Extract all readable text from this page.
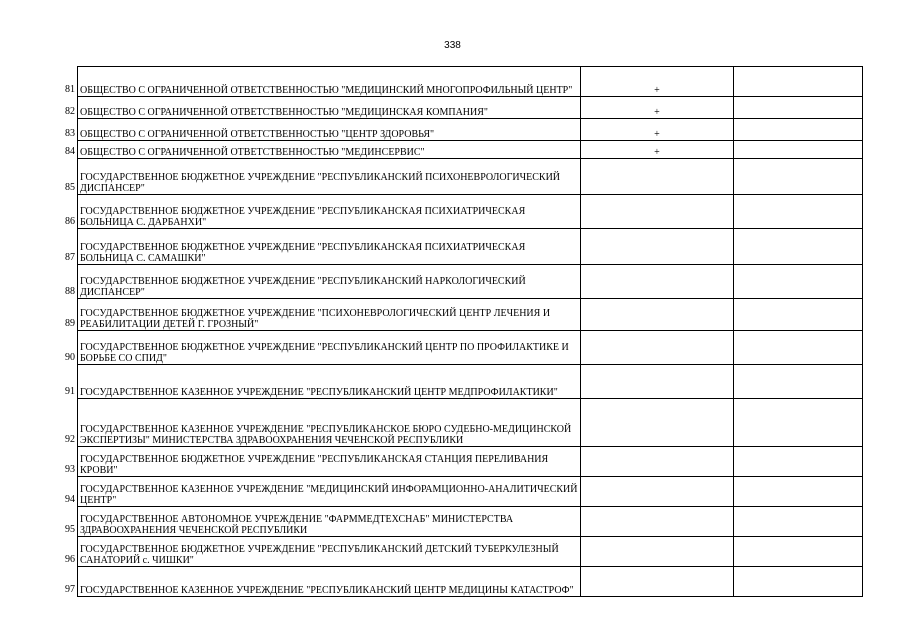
338
81	ОБЩЕСТВО С ОГРАНИЧЕННОЙ ОТВЕТСТВЕННОСТЬЮ "МЕДИЦИНСКИЙ МНОГОПРОФИЛЬНЫЙ ЦЕНТР"	+	

82	ОБЩЕСТВО С ОГРАНИЧЕННОЙ ОТВЕТСТВЕННОСТЬЮ "МЕДИЦИНСКАЯ КОМПАНИЯ"	+	

83	ОБЩЕСТВО С ОГРАНИЧЕННОЙ ОТВЕТСТВЕННОСТЬЮ "ЦЕНТР ЗДОРОВЬЯ"	+	

84	ОБЩЕСТВО С ОГРАНИЧЕННОЙ ОТВЕТСТВЕННОСТЬЮ "МЕДИНСЕРВИС"	+	

85	ГОСУДАРСТВЕННОЕ БЮДЖЕТНОЕ УЧРЕЖДЕНИЕ "РЕСПУБЛИКАНСКИЙ ПСИХОНЕВРОЛОГИЧЕСКИЙ ДИСПАНСЕР"		

86	ГОСУДАРСТВЕННОЕ БЮДЖЕТНОЕ УЧРЕЖДЕНИЕ "РЕСПУБЛИКАНСКАЯ ПСИХИАТРИЧЕСКАЯ БОЛЬНИЦА С. ДАРБАНХИ"		

87	ГОСУДАРСТВЕННОЕ БЮДЖЕТНОЕ УЧРЕЖДЕНИЕ "РЕСПУБЛИКАНСКАЯ ПСИХИАТРИЧЕСКАЯ БОЛЬНИЦА С. САМАШКИ"		

88	ГОСУДАРСТВЕННОЕ БЮДЖЕТНОЕ УЧРЕЖДЕНИЕ "РЕСПУБЛИКАНСКИЙ НАРКОЛОГИЧЕСКИЙ ДИСПАНСЕР"		

89	ГОСУДАРСТВЕННОЕ БЮДЖЕТНОЕ УЧРЕЖДЕНИЕ "ПСИХОНЕВРОЛОГИЧЕСКИЙ ЦЕНТР ЛЕЧЕНИЯ И РЕАБИЛИТАЦИИ ДЕТЕЙ Г. ГРОЗНЫЙ"		

90	ГОСУДАРСТВЕННОЕ БЮДЖЕТНОЕ УЧРЕЖДЕНИЕ "РЕСПУБЛИКАНСКИЙ ЦЕНТР ПО ПРОФИЛАКТИКЕ И БОРЬБЕ СО СПИД"		

91	ГОСУДАРСТВЕННОЕ КАЗЕННОЕ УЧРЕЖДЕНИЕ "РЕСПУБЛИКАНСКИЙ ЦЕНТР МЕДПРОФИЛАКТИКИ"		

92	ГОСУДАРСТВЕННОЕ КАЗЕННОЕ УЧРЕЖДЕНИЕ "РЕСПУБЛИКАНСКОЕ БЮРО СУДЕБНО-МЕДИЦИНСКОЙ ЭКСПЕРТИЗЫ" МИНИСТЕРСТВА ЗДРАВООХРАНЕНИЯ ЧЕЧЕНСКОЙ РЕСПУБЛИКИ		

93	ГОСУДАРСТВЕННОЕ БЮДЖЕТНОЕ УЧРЕЖДЕНИЕ "РЕСПУБЛИКАНСКАЯ СТАНЦИЯ ПЕРЕЛИВАНИЯ КРОВИ"		

94	ГОСУДАРСТВЕННОЕ КАЗЕННОЕ УЧРЕЖДЕНИЕ "МЕДИЦИНСКИЙ ИНФОРАМЦИОННО-АНАЛИТИЧЕСКИЙ ЦЕНТР"		

95	ГОСУДАРСТВЕННОЕ АВТОНОМНОЕ УЧРЕЖДЕНИЕ "ФАРММЕДТЕХСНАБ" МИНИСТЕРСТВА ЗДРАВООХРАНЕНИЯ ЧЕЧЕНСКОЙ РЕСПУБЛИКИ		

96	ГОСУДАРСТВЕННОЕ БЮДЖЕТНОЕ УЧРЕЖДЕНИЕ "РЕСПУБЛИКАНСКИЙ ДЕТСКИЙ ТУБЕРКУЛЕЗНЫЙ САНАТОРИЙ с. ЧИШКИ"		

97	ГОСУДАРСТВЕННОЕ КАЗЕННОЕ УЧРЕЖДЕНИЕ "РЕСПУБЛИКАНСКИЙ ЦЕНТР МЕДИЦИНЫ КАТАСТРОФ"		
